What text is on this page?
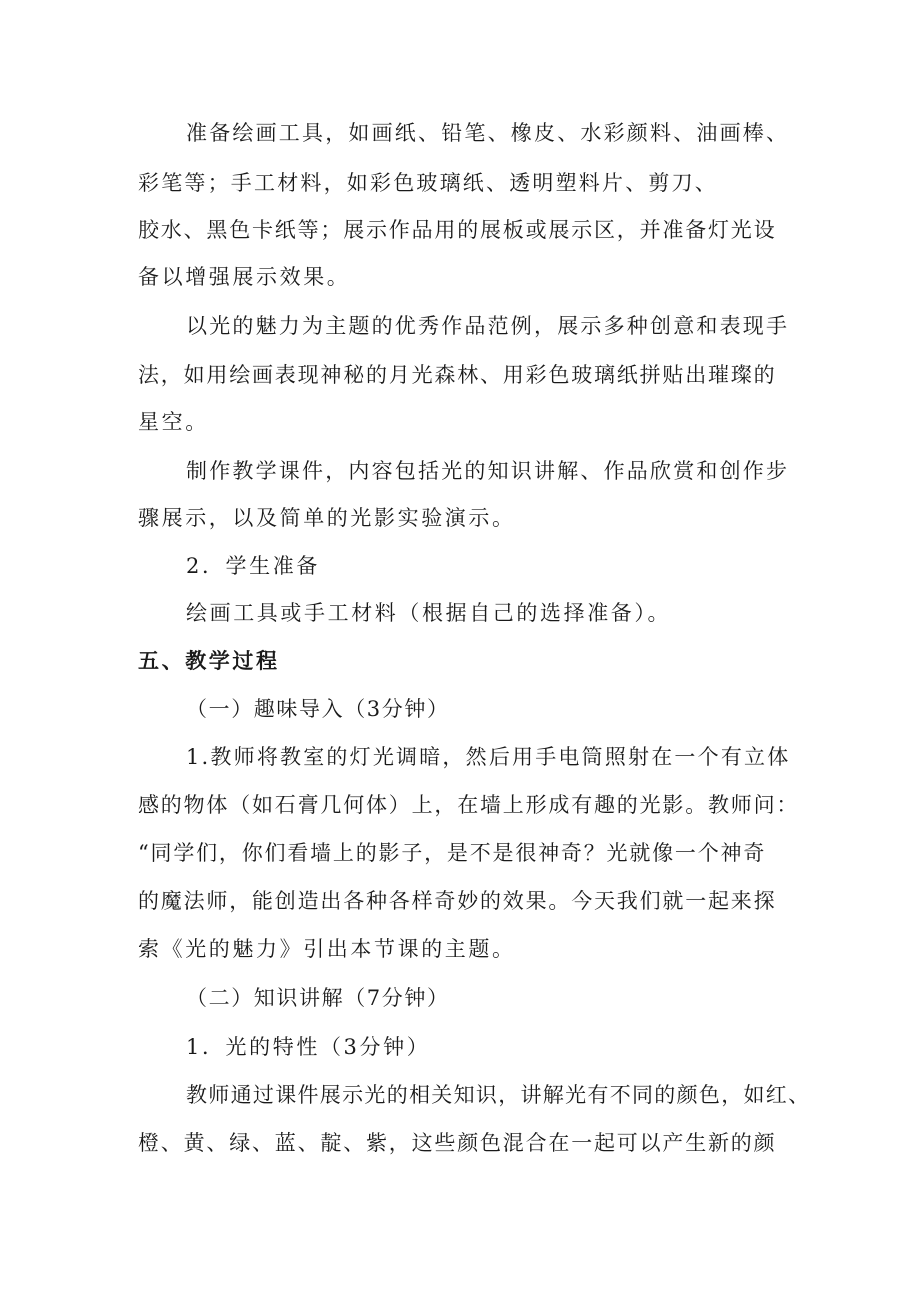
准备绘画工具，如画纸、铅笔、橡皮、水彩颜料、油画棒、
彩笔等；手工材料，如彩色玻璃纸、透明塑料片、剪刀、
胶水、黑色卡纸等；展示作品用的展板或展示区，并准备灯光设
备以增强展示效果。
以光的魅力为主题的优秀作品范例，展示多种创意和表现手
法，如用绘画表现神秘的月光森林、用彩色玻璃纸拼贴出璀璨的
星空。
制作教学课件，内容包括光的知识讲解、作品欣赏和创作步
骤展示，以及简单的光影实验演示。
2．学生准备
绘画工具或手工材料（根据自己的选择准备）。
五、教学过程
（一）趣味导入（3分钟）
1.教师将教室的灯光调暗，然后用手电筒照射在一个有立体
感的物体（如石膏几何体）上，在墙上形成有趣的光影。教师问：
“同学们，你们看墙上的影子，是不是很神奇？光就像一个神奇
的魔法师，能创造出各种各样奇妙的效果。今天我们就一起来探
索《光的魅力》引出本节课的主题。
（二）知识讲解（7分钟）
1．光的特性（3分钟）
教师通过课件展示光的相关知识，讲解光有不同的颜色，如红、
橙、黄、绿、蓝、靛、紫，这些颜色混合在一起可以产生新的颜
